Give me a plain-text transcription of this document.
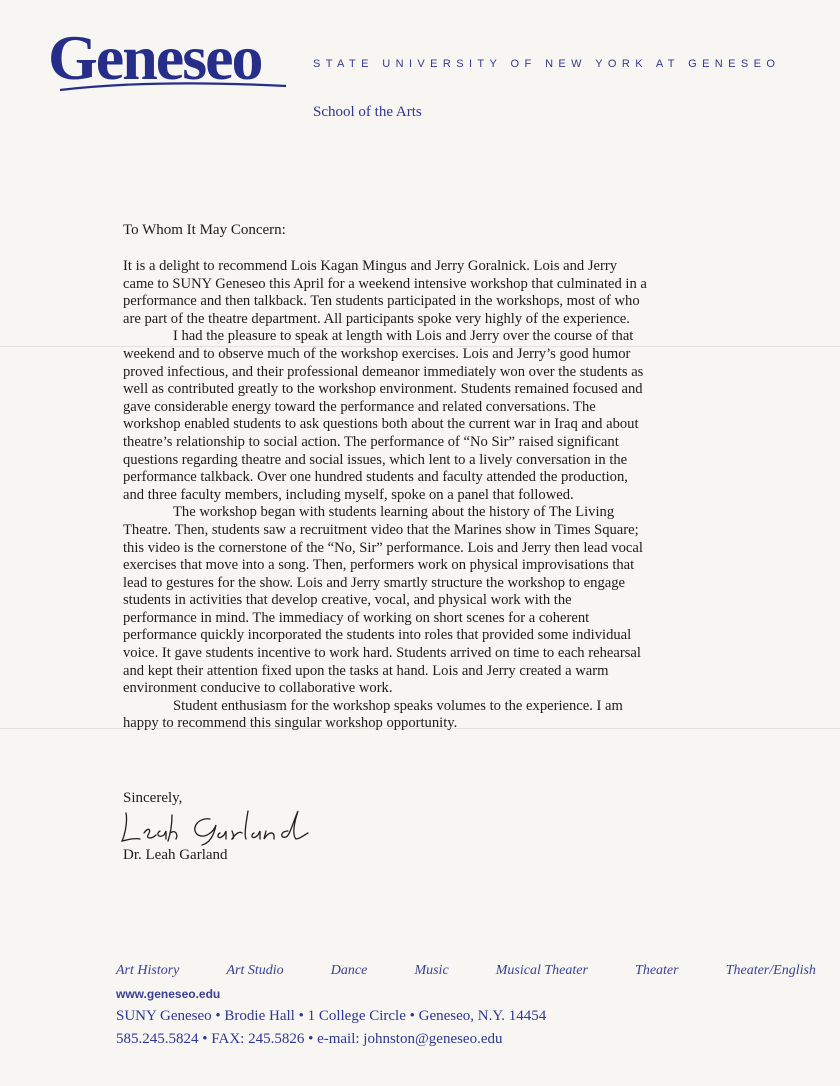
Geneseo	STATE UNIVERSITY OF NEW YORK AT GENESEO
School of the Arts
To Whom It May Concern:

It is a delight to recommend Lois Kagan Mingus and Jerry Goralnick. Lois and Jerry
came to SUNY Geneseo this April for a weekend intensive workshop that culminated in a
performance and then talkback. Ten students participated in the workshops, most of who
are part of the theatre department. All participants spoke very highly of the experience.

I had the pleasure to speak at length with Lois and Jerry over the course of that
weekend and to observe much of the workshop exercises. Lois and Jerry’s good humor
proved infectious, and their professional demeanor immediately won over the students as
well as contributed greatly to the workshop environment. Students remained focused and
gave considerable energy toward the performance and related conversations. The
workshop enabled students to ask questions both about the current war in Iraq and about
theatre’s relationship to social action. The performance of “No Sir” raised significant
questions regarding theatre and social issues, which lent to a lively conversation in the
performance talkback. Over one hundred students and faculty attended the production,
and three faculty members, including myself, spoke on a panel that followed.

The workshop began with students learning about the history of The Living
Theatre. Then, students saw a recruitment video that the Marines show in Times Square;
this video is the cornerstone of the “No, Sir” performance. Lois and Jerry then lead vocal
exercises that move into a song. Then, performers work on physical improvisations that
lead to gestures for the show. Lois and Jerry smartly structure the workshop to engage
students in activities that develop creative, vocal, and physical work with the
performance in mind. The immediacy of working on short scenes for a coherent
performance quickly incorporated the students into roles that provided some individual
voice. It gave students incentive to work hard. Students arrived on time to each rehearsal
and kept their attention fixed upon the tasks at hand. Lois and Jerry created a warm
environment conducive to collaborative work.

Student enthusiasm for the workshop speaks volumes to the experience. I am
happy to recommend this singular workshop opportunity.

Sincerely,
Dr. Leah Garland
Art History	Art Studio	Dance	Music	Musical Theater	Theater	Theater/English
www.geneseo.edu
SUNY Geneseo • Brodie Hall • 1 College Circle • Geneseo, N.Y. 14454
585.245.5824 • FAX: 245.5826 • e-mail: johnston@geneseo.edu
